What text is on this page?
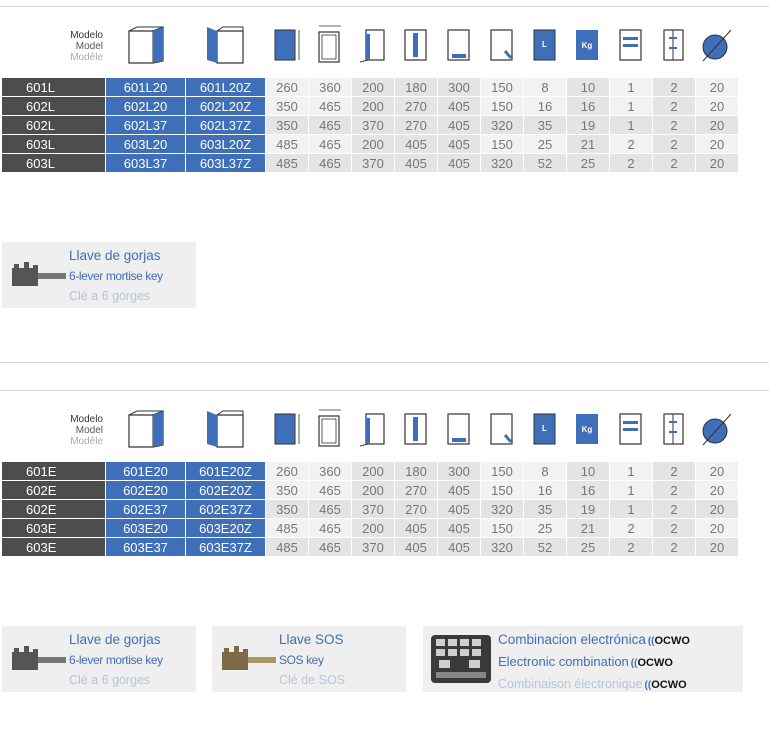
Modelo
Model
Modèle									L	Kg

601L	601L20	601L20Z	260	360	200	180	300	150	8	10	1	2	20
602L	602L20	602L20Z	350	465	200	270	405	150	16	16	1	2	20
602L	602L37	602L37Z	350	465	370	270	405	320	35	19	1	2	20
603L	603L20	603L20Z	485	465	200	405	405	150	25	21	2	2	20
603L	603L37	603L37Z	485	465	370	405	405	320	52	25	2	2	20
Llave de gorjas
6-lever mortise key
Clé a 6 gorges
Modelo
Model
Modèle									L	Kg

601E	601E20	601E20Z	260	360	200	180	300	150	8	10	1	2	20
602E	602E20	602E20Z	350	465	200	270	405	150	16	16	1	2	20
602E	602E37	602E37Z	350	465	370	270	405	320	35	19	1	2	20
603E	603E20	603E20Z	485	465	200	405	405	150	25	21	2	2	20
603E	603E37	603E37Z	485	465	370	405	405	320	52	25	2	2	20
Llave de gorjas
6-lever mortise key
Clé a 6 gorges
Llave SOS
SOS key
Clé de SOS
Combinacion electrónica ((OCWO
Electronic combination ((OCWO
Combinaison électronique ((OCWO
